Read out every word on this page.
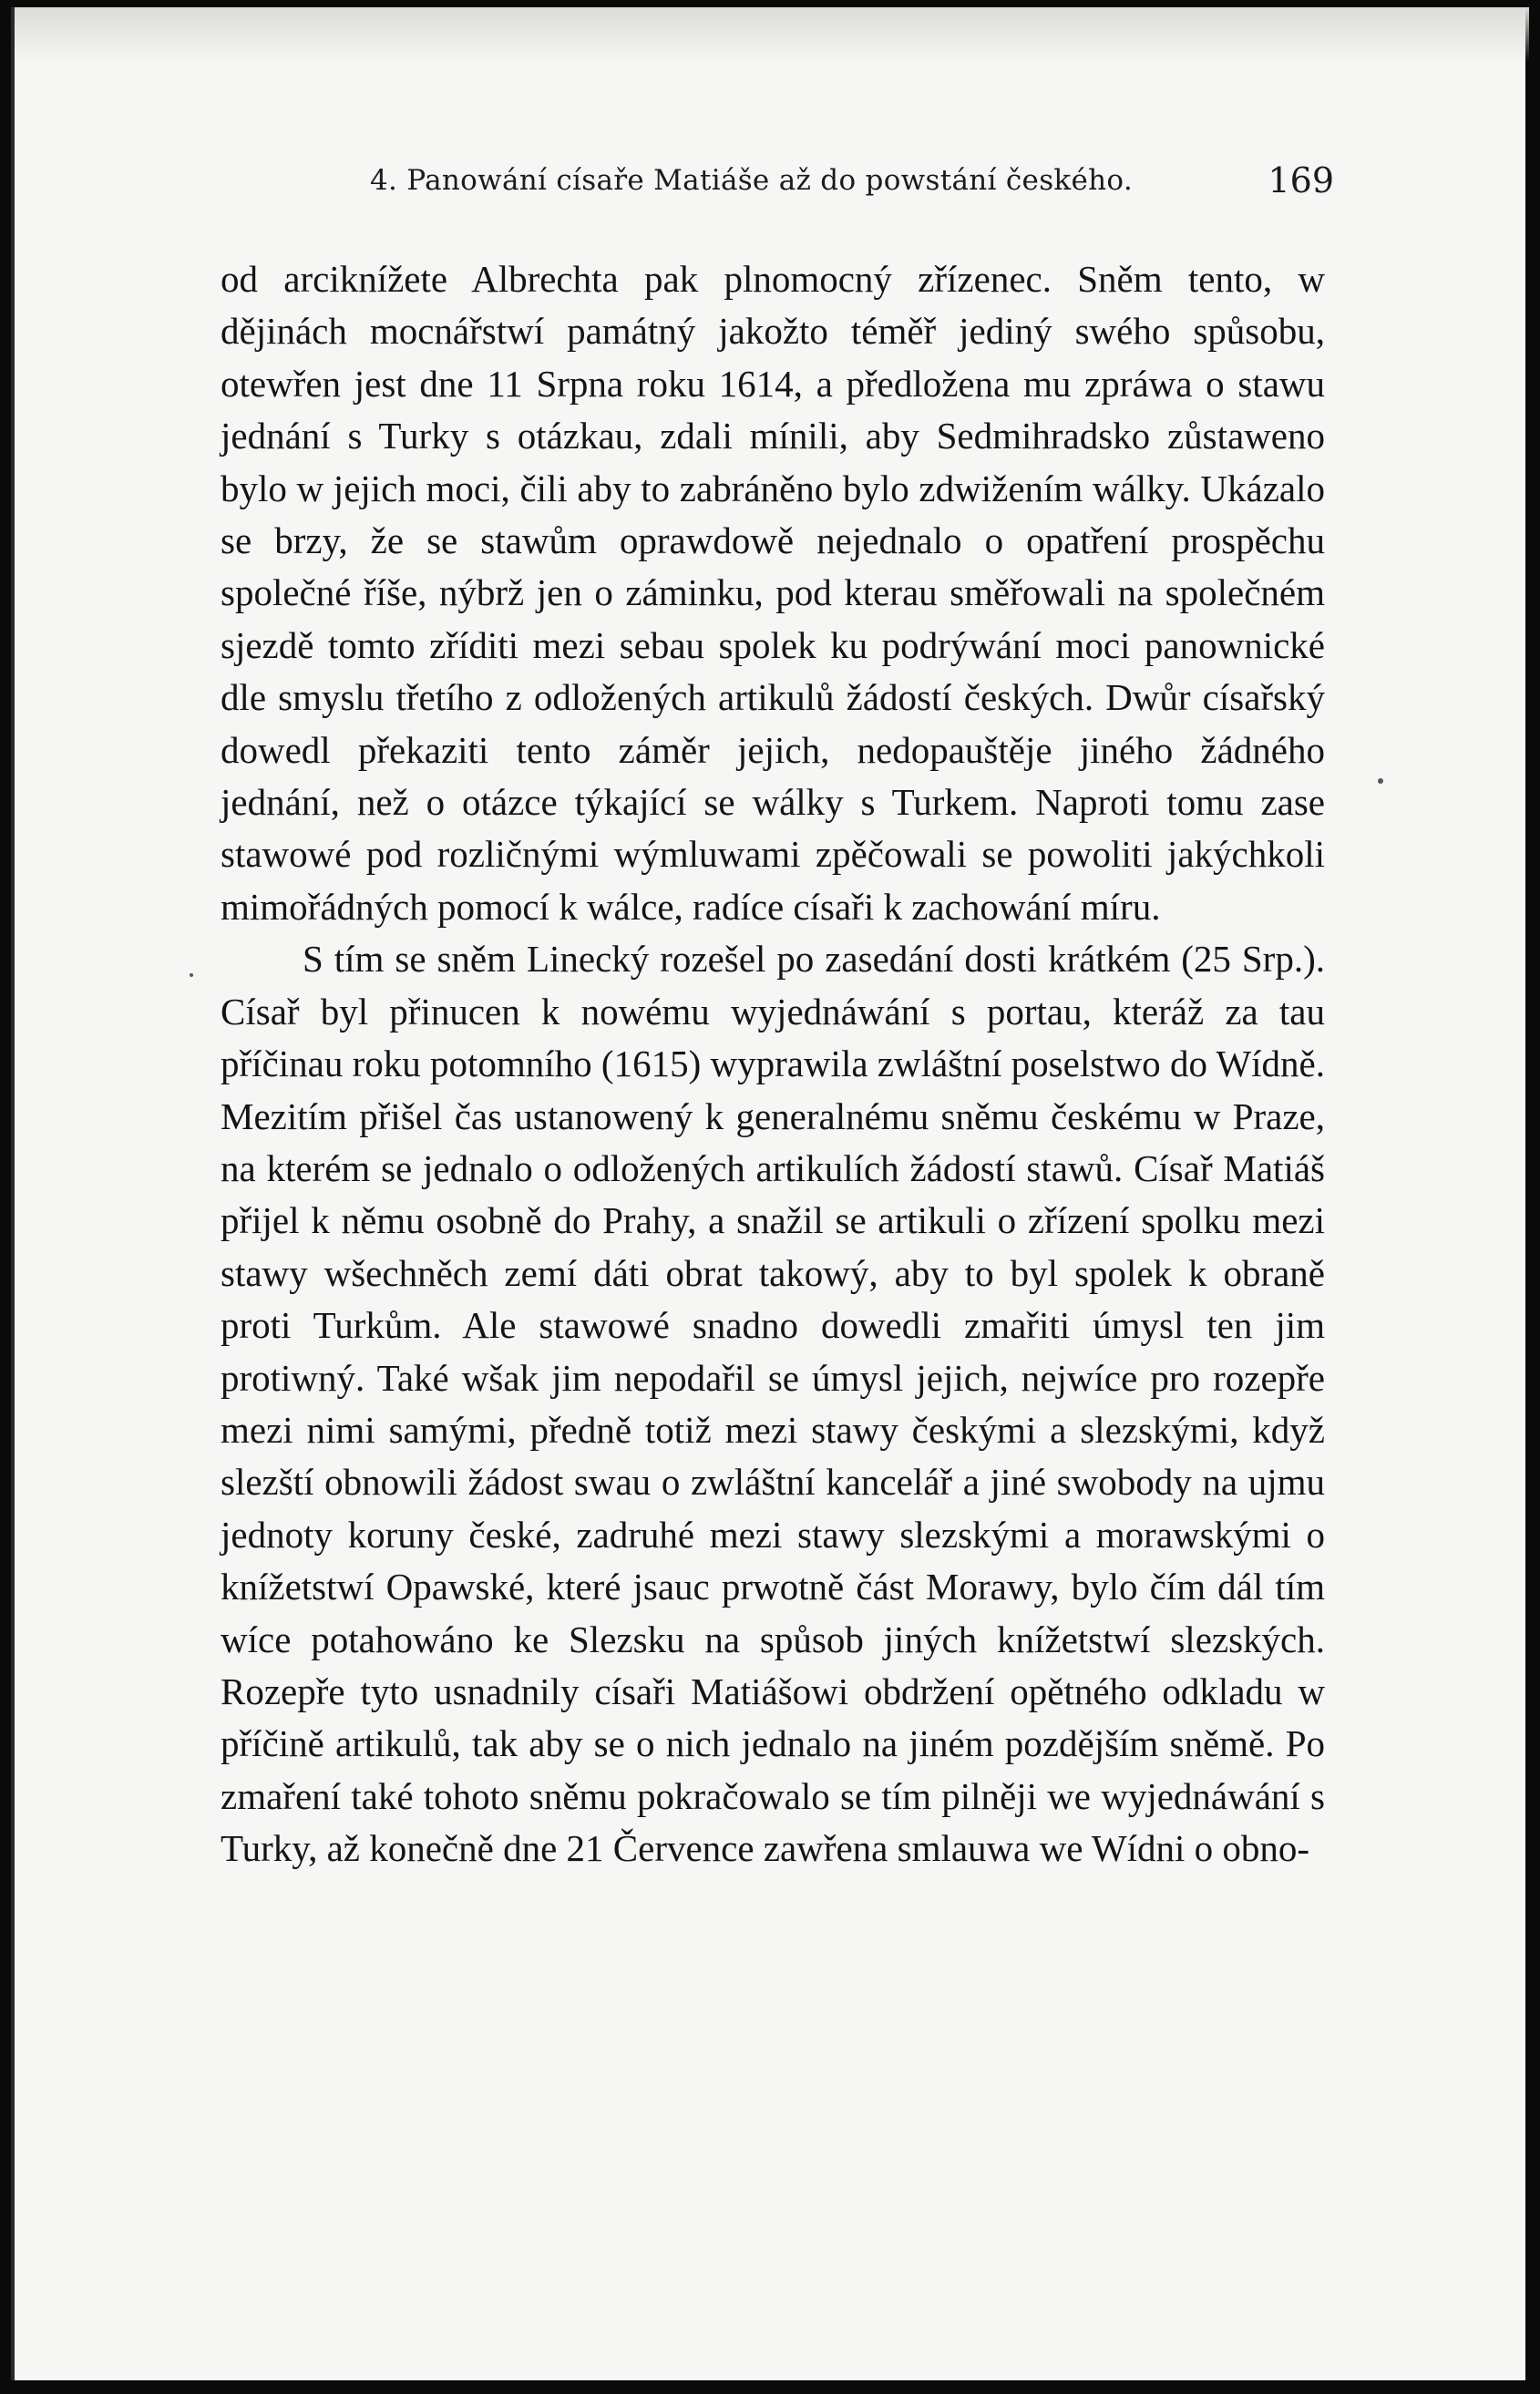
4. Panowání císaře Matiáše až do powstání českého.	169

od arciknížete Albrechta pak plnomocný zřízenec. Sněm tento, w dějinách mocnářstwí památný jakožto téměř jediný swého spůsobu, otewřen jest dne 11 Srpna roku 1614, a předložena mu zpráwa o stawu jednání s Turky s otázkau, zdali mínili, aby Sedmihradsko zůstaweno bylo w jejich moci, čili aby to zabráněno bylo zdwižením wálky. Ukázalo se brzy, že se stawům oprawdowě nejednalo o opatření prospěchu společné říše, nýbrž jen o záminku, pod kterau směřowali na společném sjezdě tomto zříditi mezi sebau spolek ku podrýwání moci panownické dle smyslu třetího z odložených artikulů žádostí českých. Dwůr císařský dowedl překaziti tento záměr jejich, nedopauštěje jiného žádného jednání, než o otázce týkající se wálky s Turkem. Naproti tomu zase stawowé pod rozličnými wýmluwami zpěčowali se powoliti jakýchkoli mimořádných pomocí k wálce, radíce císaři k zachowání míru.

S tím se sněm Linecký rozešel po zasedání dosti krátkém (25 Srp.). Císař byl přinucen k nowému wyjednáwání s portau, kteráž za tau příčinau roku potomního (1615) wyprawila zwláštní poselstwo do Wídně. Mezitím přišel čas ustanowený k generalnému sněmu českému w Praze, na kterém se jednalo o odložených artikulích žádostí stawů. Císař Matiáš přijel k němu osobně do Prahy, a snažil se artikuli o zřízení spolku mezi stawy wšechněch zemí dáti obrat takowý, aby to byl spolek k obraně proti Turkům. Ale stawowé snadno dowedli zmařiti úmysl ten jim protiwný. Také wšak jim nepodařil se úmysl jejich, nejwíce pro rozepře mezi nimi samými, předně totiž mezi stawy českými a slezskými, když slezští obnowili žádost swau o zwláštní kancelář a jiné swobody na ujmu jednoty koruny české, zadruhé mezi stawy slezskými a morawskými o knížetstwí Opawské, které jsauc prwotně část Morawy, bylo čím dál tím wíce potahowáno ke Slezsku na spůsob jiných knížetstwí slezských. Rozepře tyto usnadnily císaři Matiášowi obdržení opětného odkladu w příčině artikulů, tak aby se o nich jednalo na jiném pozdějším sněmě. Po zmaření také tohoto sněmu pokračowalo se tím pilněji we wyjednáwání s Turky, až konečně dne 21 Července zawřena smlauwa we Wídni o obno-
